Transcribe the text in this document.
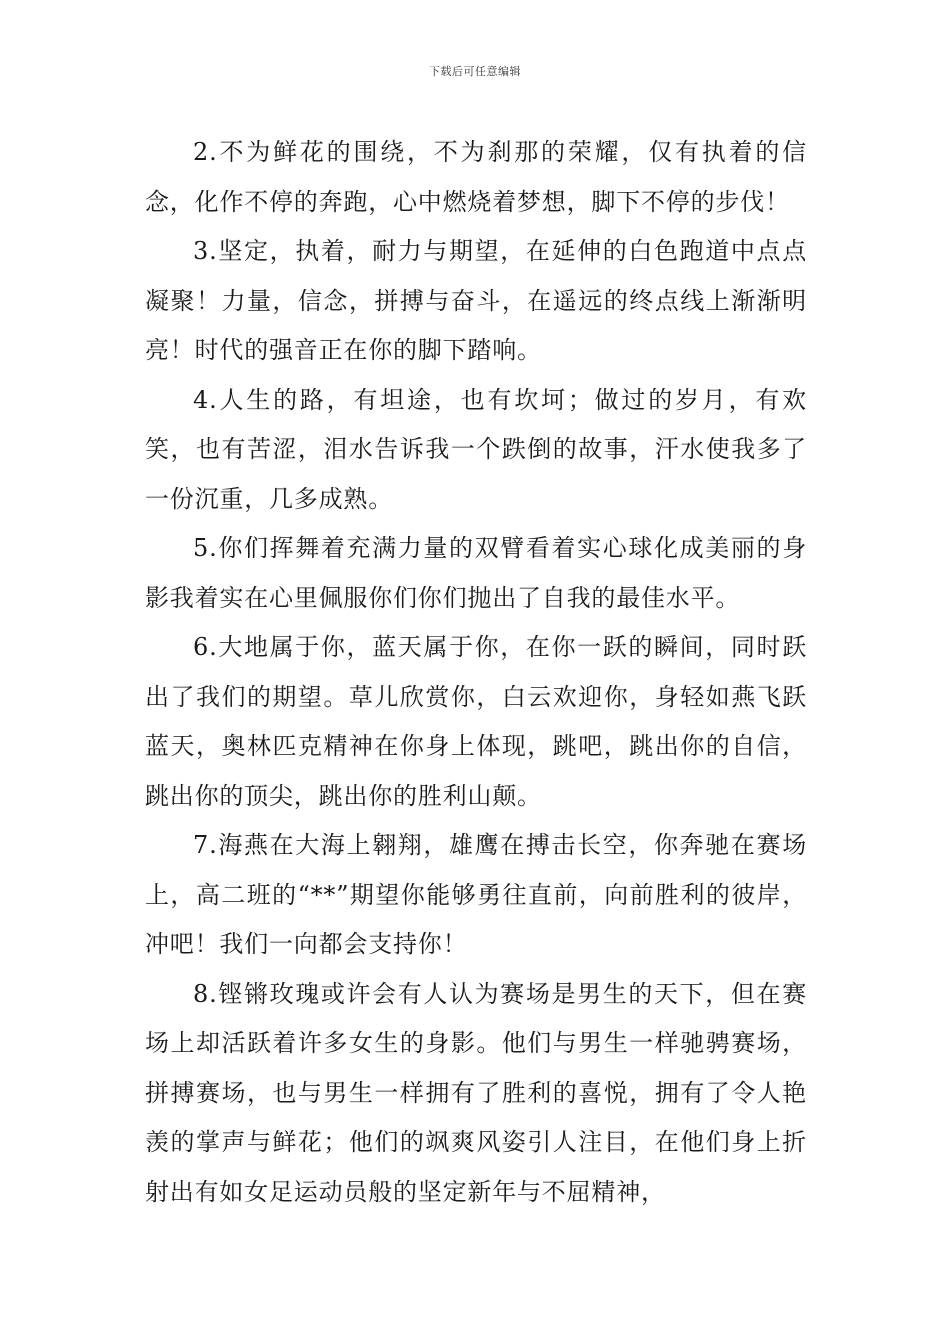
下载后可任意编辑

2.不为鲜花的围绕，不为刹那的荣耀，仅有执着的信念，化作不停的奔跑，心中燃烧着梦想，脚下不停的步伐！

3.坚定，执着，耐力与期望，在延伸的白色跑道中点点凝聚！力量，信念，拼搏与奋斗，在遥远的终点线上渐渐明亮！时代的强音正在你的脚下踏响。

4.人生的路，有坦途，也有坎坷；做过的岁月，有欢笑，也有苦涩，泪水告诉我一个跌倒的故事，汗水使我多了一份沉重，几多成熟。

5.你们挥舞着充满力量的双臂看着实心球化成美丽的身影我着实在心里佩服你们你们抛出了自我的最佳水平。

6.大地属于你，蓝天属于你，在你一跃的瞬间，同时跃出了我们的期望。草儿欣赏你，白云欢迎你，身轻如燕飞跃蓝天，奥林匹克精神在你身上体现，跳吧，跳出你的自信，跳出你的顶尖，跳出你的胜利山颠。

7.海燕在大海上翱翔，雄鹰在搏击长空，你奔驰在赛场上，高二班的“**”期望你能够勇往直前，向前胜利的彼岸，冲吧！我们一向都会支持你！

8.铿锵玫瑰或许会有人认为赛场是男生的天下，但在赛场上却活跃着许多女生的身影。他们与男生一样驰骋赛场，拼搏赛场，也与男生一样拥有了胜利的喜悦，拥有了令人艳羡的掌声与鲜花；他们的飒爽风姿引人注目，在他们身上折射出有如女足运动员般的坚定新年与不屈精神，
